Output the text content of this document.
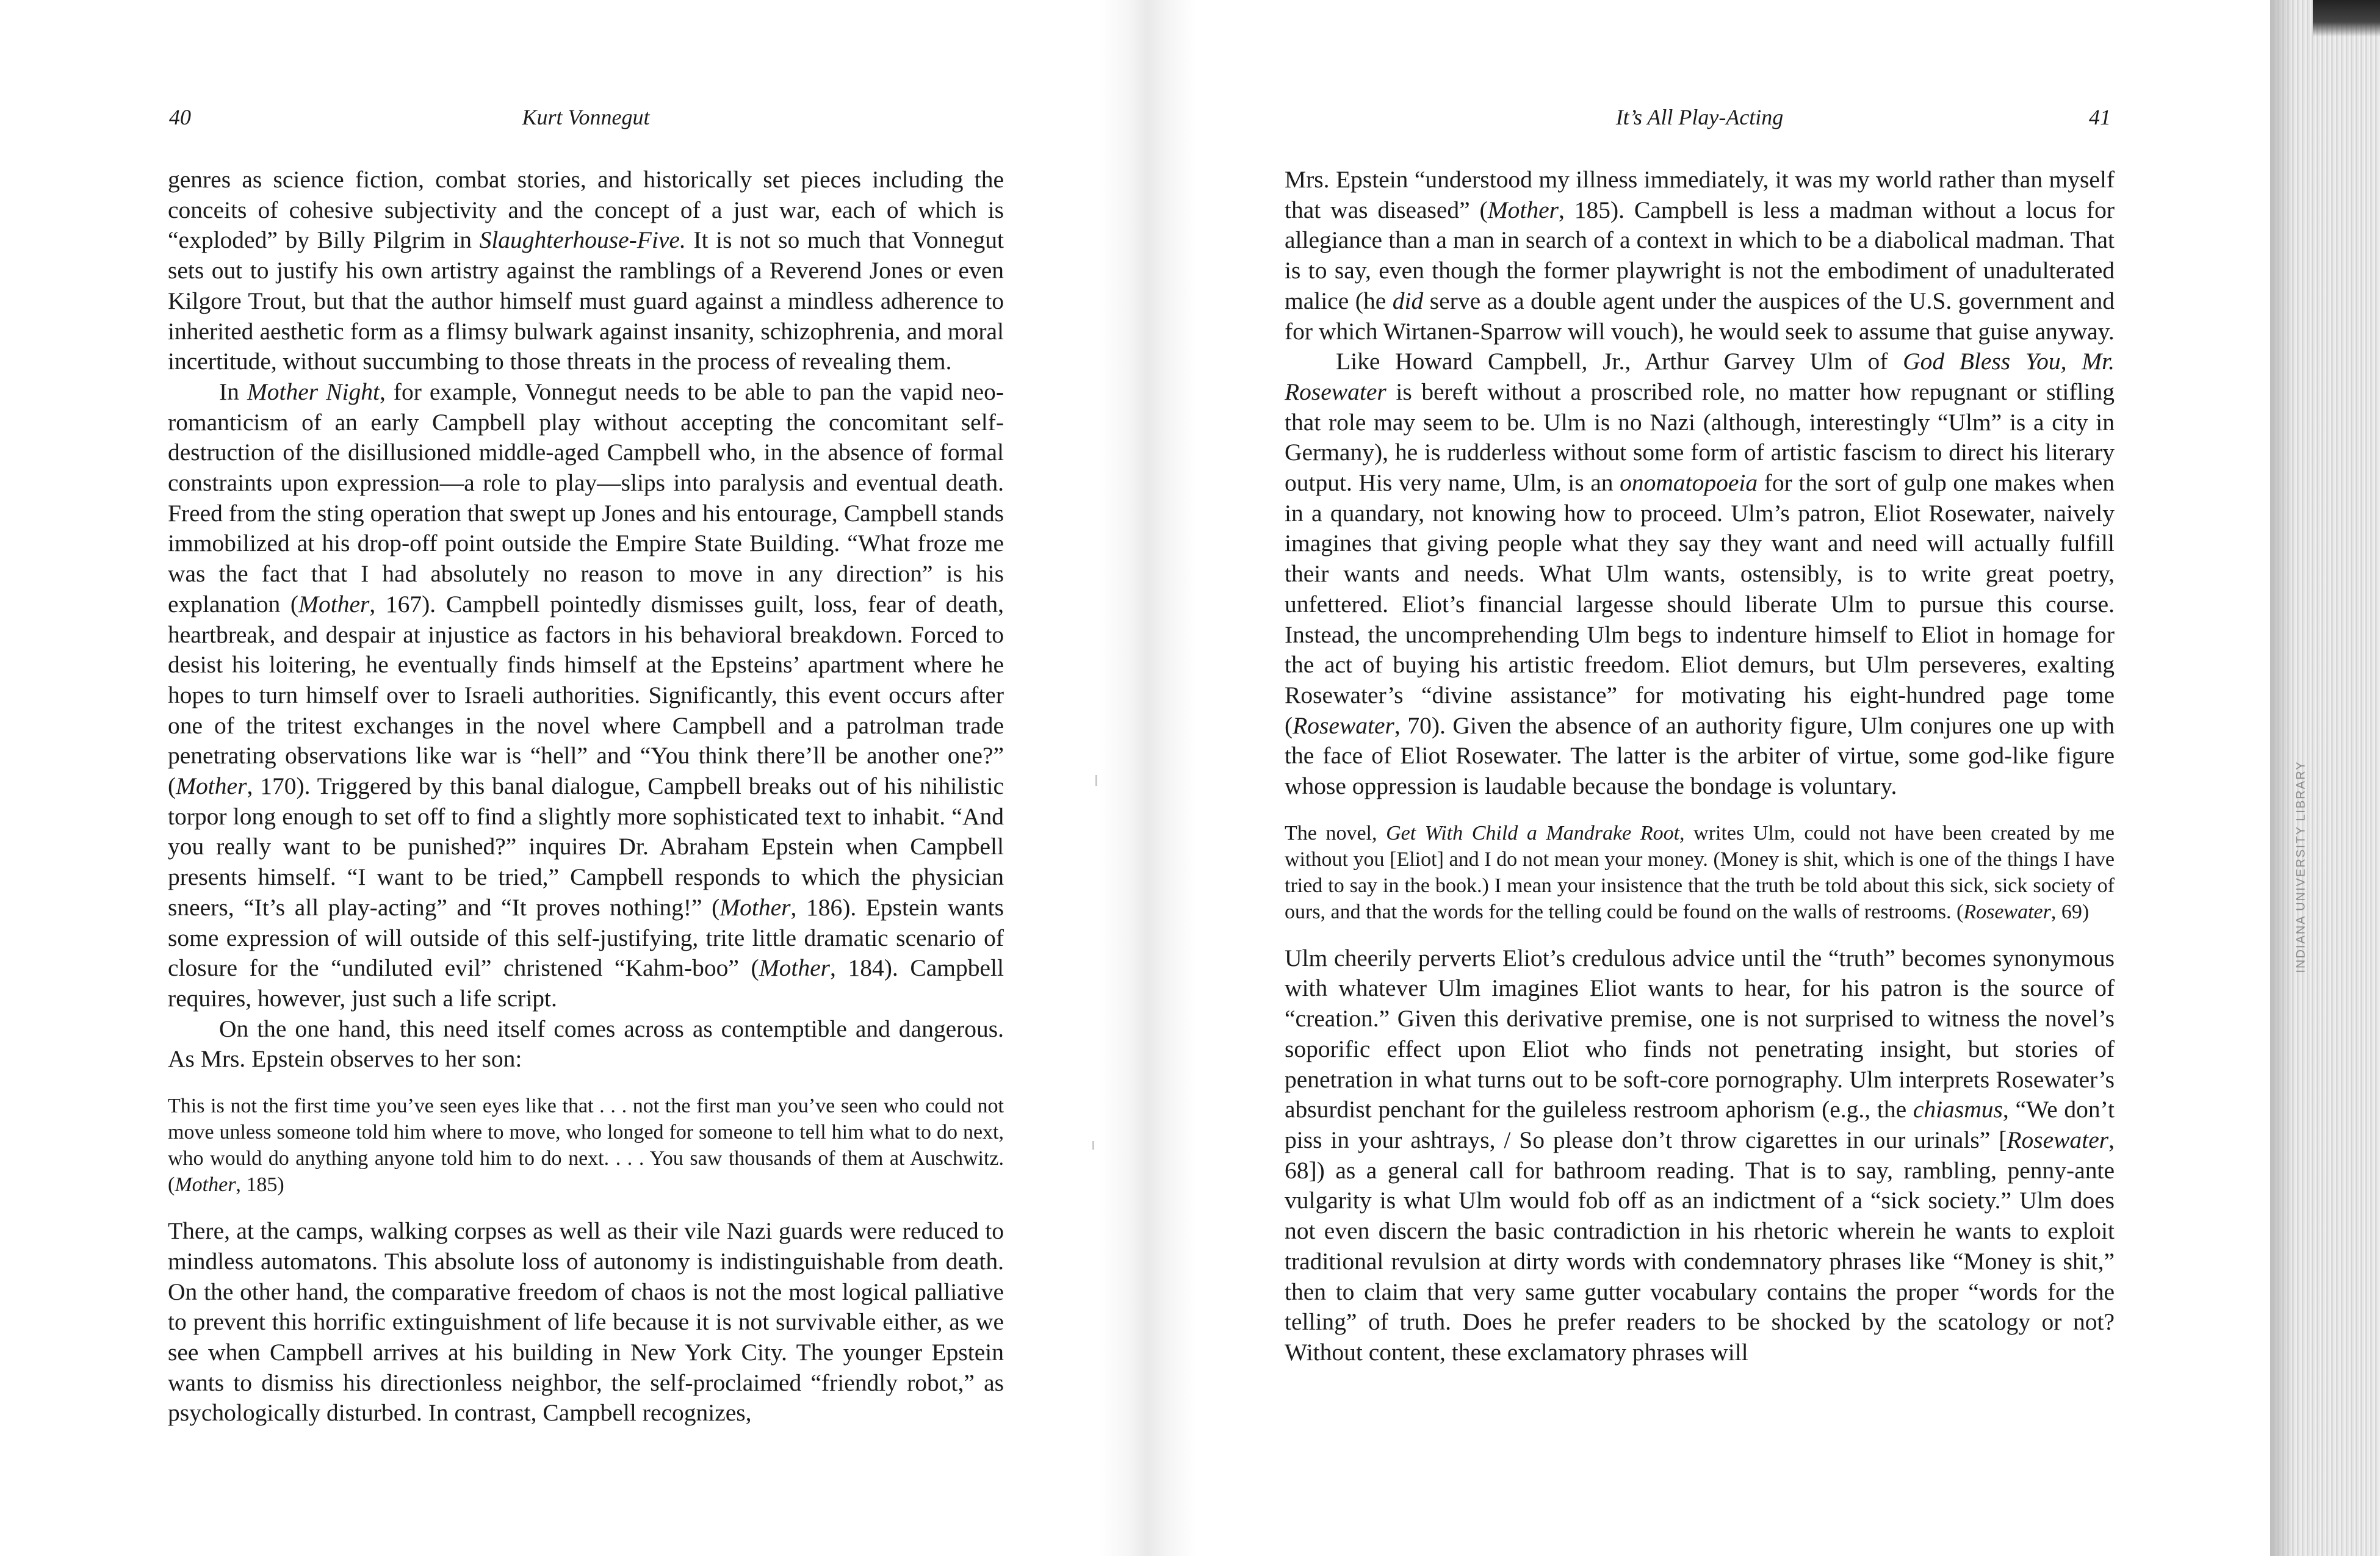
40	Kurt Vonnegut

genres as science fiction, combat stories, and historically set pieces including the conceits of cohesive subjectivity and the concept of a just war, each of which is “exploded” by Billy Pilgrim in Slaughterhouse-Five. It is not so much that Vonnegut sets out to justify his own artistry against the ramblings of a Reverend Jones or even Kilgore Trout, but that the author himself must guard against a mindless adherence to inherited aesthetic form as a flimsy bulwark against insanity, schizophrenia, and moral incertitude, without succumbing to those threats in the process of revealing them.

In Mother Night, for example, Vonnegut needs to be able to pan the vapid neo-romanticism of an early Campbell play without accepting the concomitant self-destruction of the disillusioned middle-aged Campbell who, in the absence of formal constraints upon expression—a role to play—slips into paralysis and eventual death. Freed from the sting operation that swept up Jones and his entourage, Campbell stands immobilized at his drop-off point outside the Empire State Building. “What froze me was the fact that I had absolutely no reason to move in any direction” is his explanation (Mother, 167). Campbell pointedly dismisses guilt, loss, fear of death, heartbreak, and despair at injustice as factors in his behavioral breakdown. Forced to desist his loitering, he eventually finds himself at the Epsteins’ apartment where he hopes to turn himself over to Israeli authorities. Significantly, this event occurs after one of the tritest exchanges in the novel where Campbell and a patrolman trade penetrating observations like war is “hell” and “You think there’ll be another one?” (Mother, 170). Triggered by this banal dialogue, Campbell breaks out of his nihilistic torpor long enough to set off to find a slightly more sophisticated text to inhabit. “And you really want to be punished?” inquires Dr. Abraham Epstein when Campbell presents himself. “I want to be tried,” Campbell responds to which the physician sneers, “It’s all play-acting” and “It proves nothing!” (Mother, 186). Epstein wants some expression of will outside of this self-justifying, trite little dramatic scenario of closure for the “undiluted evil” christened “Kahm-boo” (Mother, 184). Campbell requires, however, just such a life script.

On the one hand, this need itself comes across as contemptible and dangerous. As Mrs. Epstein observes to her son:

This is not the first time you’ve seen eyes like that . . . not the first man you’ve seen who could not move unless someone told him where to move, who longed for someone to tell him what to do next, who would do anything anyone told him to do next. . . . You saw thousands of them at Auschwitz. (Mother, 185)

There, at the camps, walking corpses as well as their vile Nazi guards were reduced to mindless automatons. This absolute loss of autonomy is indistinguishable from death. On the other hand, the comparative freedom of chaos is not the most logical palliative to prevent this horrific extinguishment of life because it is not survivable either, as we see when Campbell arrives at his building in New York City. The younger Epstein wants to dismiss his directionless neighbor, the self-proclaimed “friendly robot,” as psychologically disturbed. In contrast, Campbell recognizes,

It’s All Play-Acting	41

Mrs. Epstein “understood my illness immediately, it was my world rather than myself that was diseased” (Mother, 185). Campbell is less a madman without a locus for allegiance than a man in search of a context in which to be a diabolical madman. That is to say, even though the former playwright is not the embodiment of unadulterated malice (he did serve as a double agent under the auspices of the U.S. government and for which Wirtanen-Sparrow will vouch), he would seek to assume that guise anyway.

Like Howard Campbell, Jr., Arthur Garvey Ulm of God Bless You, Mr. Rosewater is bereft without a proscribed role, no matter how repugnant or stifling that role may seem to be. Ulm is no Nazi (although, interestingly “Ulm” is a city in Germany), he is rudderless without some form of artistic fascism to direct his literary output. His very name, Ulm, is an onomatopoeia for the sort of gulp one makes when in a quandary, not knowing how to proceed. Ulm’s patron, Eliot Rosewater, naively imagines that giving people what they say they want and need will actually fulfill their wants and needs. What Ulm wants, ostensibly, is to write great poetry, unfettered. Eliot’s financial largesse should liberate Ulm to pursue this course. Instead, the uncomprehending Ulm begs to indenture himself to Eliot in homage for the act of buying his artistic freedom. Eliot demurs, but Ulm perseveres, exalting Rosewater’s “divine assistance” for motivating his eight-hundred page tome (Rosewater, 70). Given the absence of an authority figure, Ulm conjures one up with the face of Eliot Rosewater. The latter is the arbiter of virtue, some god-like figure whose oppression is laudable because the bondage is voluntary.

The novel, Get With Child a Mandrake Root, writes Ulm, could not have been created by me without you [Eliot] and I do not mean your money. (Money is shit, which is one of the things I have tried to say in the book.) I mean your insistence that the truth be told about this sick, sick society of ours, and that the words for the telling could be found on the walls of restrooms. (Rosewater, 69)

Ulm cheerily perverts Eliot’s credulous advice until the “truth” becomes synonymous with whatever Ulm imagines Eliot wants to hear, for his patron is the source of “creation.” Given this derivative premise, one is not surprised to witness the novel’s soporific effect upon Eliot who finds not penetrating insight, but stories of penetration in what turns out to be soft-core pornography. Ulm interprets Rosewater’s absurdist penchant for the guileless restroom aphorism (e.g., the chiasmus, “We don’t piss in your ashtrays, / So please don’t throw cigarettes in our urinals” [Rosewater, 68]) as a general call for bathroom reading. That is to say, rambling, penny-ante vulgarity is what Ulm would fob off as an indictment of a “sick society.” Ulm does not even discern the basic contradiction in his rhetoric wherein he wants to exploit traditional revulsion at dirty words with condemnatory phrases like “Money is shit,” then to claim that very same gutter vocabulary contains the proper “words for the telling” of truth. Does he prefer readers to be shocked by the scatology or not? Without content, these exclamatory phrases will

INDIANA UNIVERSITY LIBRARY
